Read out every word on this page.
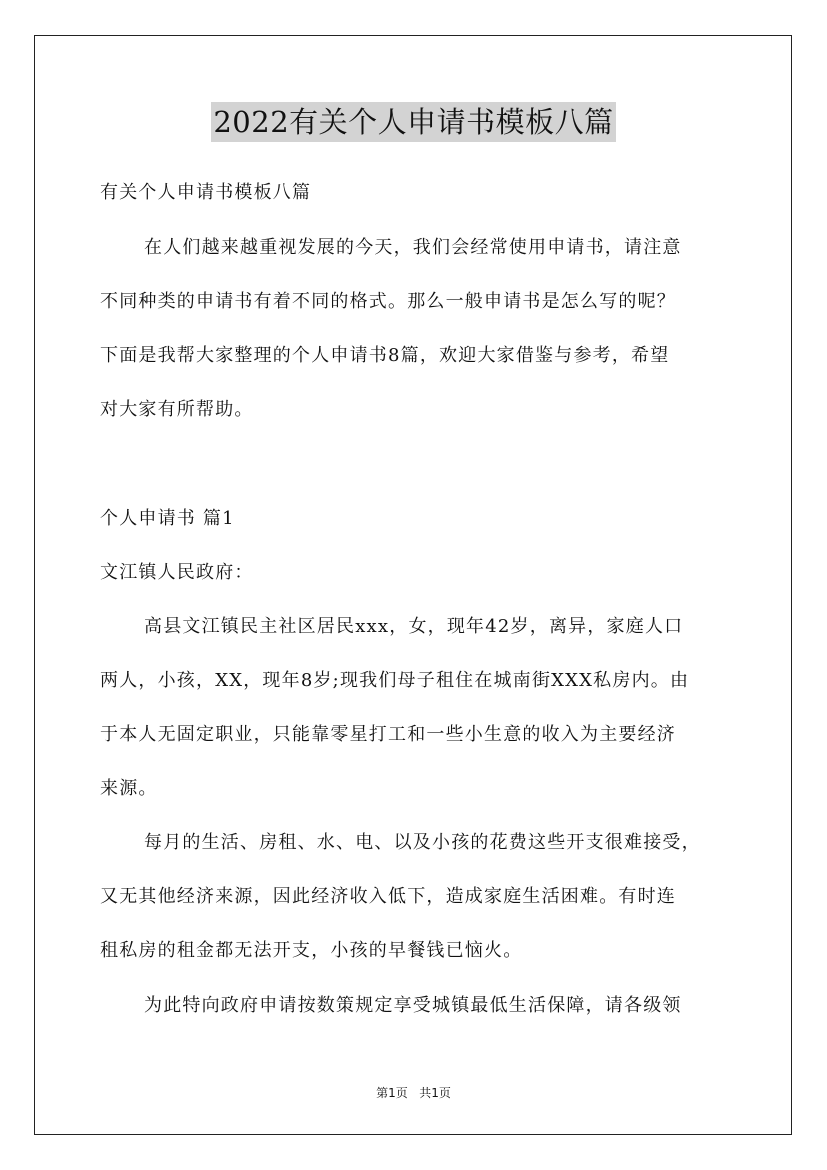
2022有关个人申请书模板八篇
有关个人申请书模板八篇
在人们越来越重视发展的今天，我们会经常使用申请书，请注意
不同种类的申请书有着不同的格式。那么一般申请书是怎么写的呢？
下面是我帮大家整理的个人申请书8篇，欢迎大家借鉴与参考，希望
对大家有所帮助。
个人申请书 篇1
文江镇人民政府：
高县文江镇民主社区居民xxx，女，现年42岁，离异，家庭人口
两人，小孩，XX，现年8岁;现我们母子租住在城南街XXX私房内。由
于本人无固定职业，只能靠零星打工和一些小生意的收入为主要经济
来源。
每月的生活、房租、水、电、以及小孩的花费这些开支很难接受，
又无其他经济来源，因此经济收入低下，造成家庭生活困难。有时连
租私房的租金都无法开支，小孩的早餐钱已恼火。
为此特向政府申请按数策规定享受城镇最低生活保障，请各级领
第1页 共1页
